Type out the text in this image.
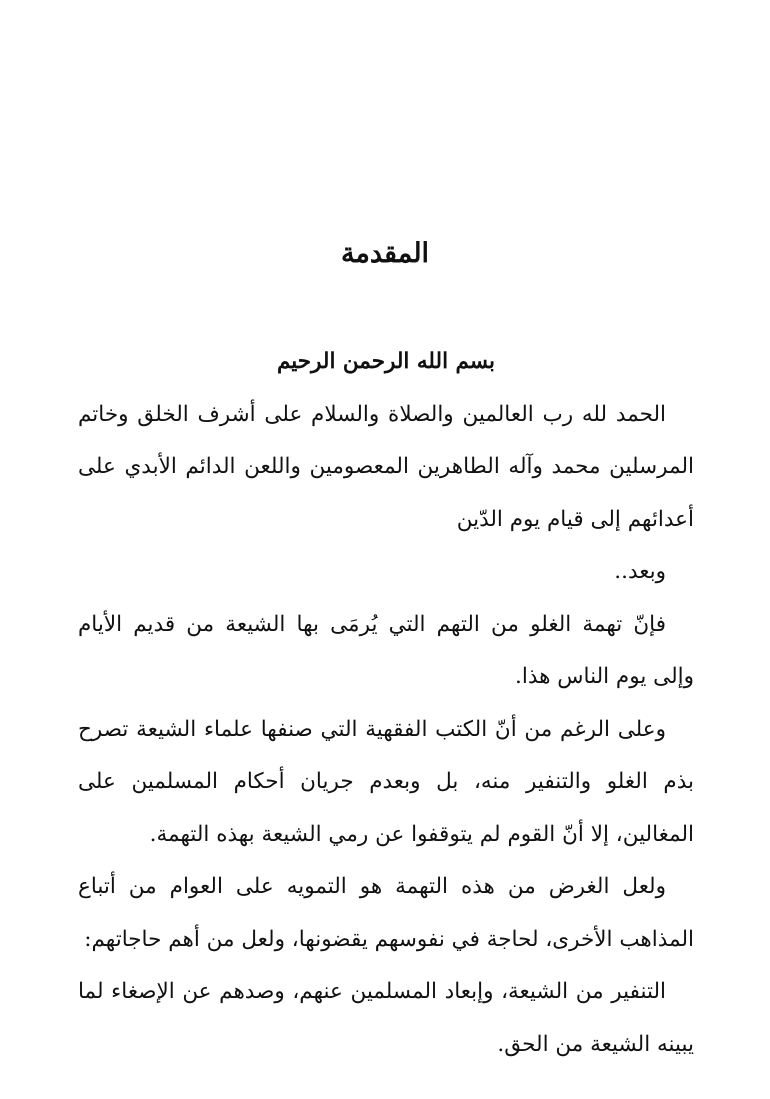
المقدمة

بسم الله الرحمن الرحيم

الحمد لله رب العالمين والصلاة والسلام على أشرف الخلق وخاتم المرسلين محمد وآله الطاهرين المعصومين واللعن الدائم الأبدي على أعدائهم إلى قيام يوم الدّين

وبعد..

فإنّ تهمة الغلو من التهم التي يُرمَى بها الشيعة من قديم الأيام وإلى يوم الناس هذا.

وعلى الرغم من أنّ الكتب الفقهية التي صنفها علماء الشيعة تصرح بذم الغلو والتنفير منه، بل وبعدم جريان أحكام المسلمين على المغالين، إلا أنّ القوم لم يتوقفوا عن رمي الشيعة بهذه التهمة.

ولعل الغرض من هذه التهمة هو التمويه على العوام من أتباع المذاهب الأخرى، لحاجة في نفوسهم يقضونها، ولعل من أهم حاجاتهم:

التنفير من الشيعة، وإبعاد المسلمين عنهم، وصدهم عن الإصغاء لما يبينه الشيعة من الحق.
